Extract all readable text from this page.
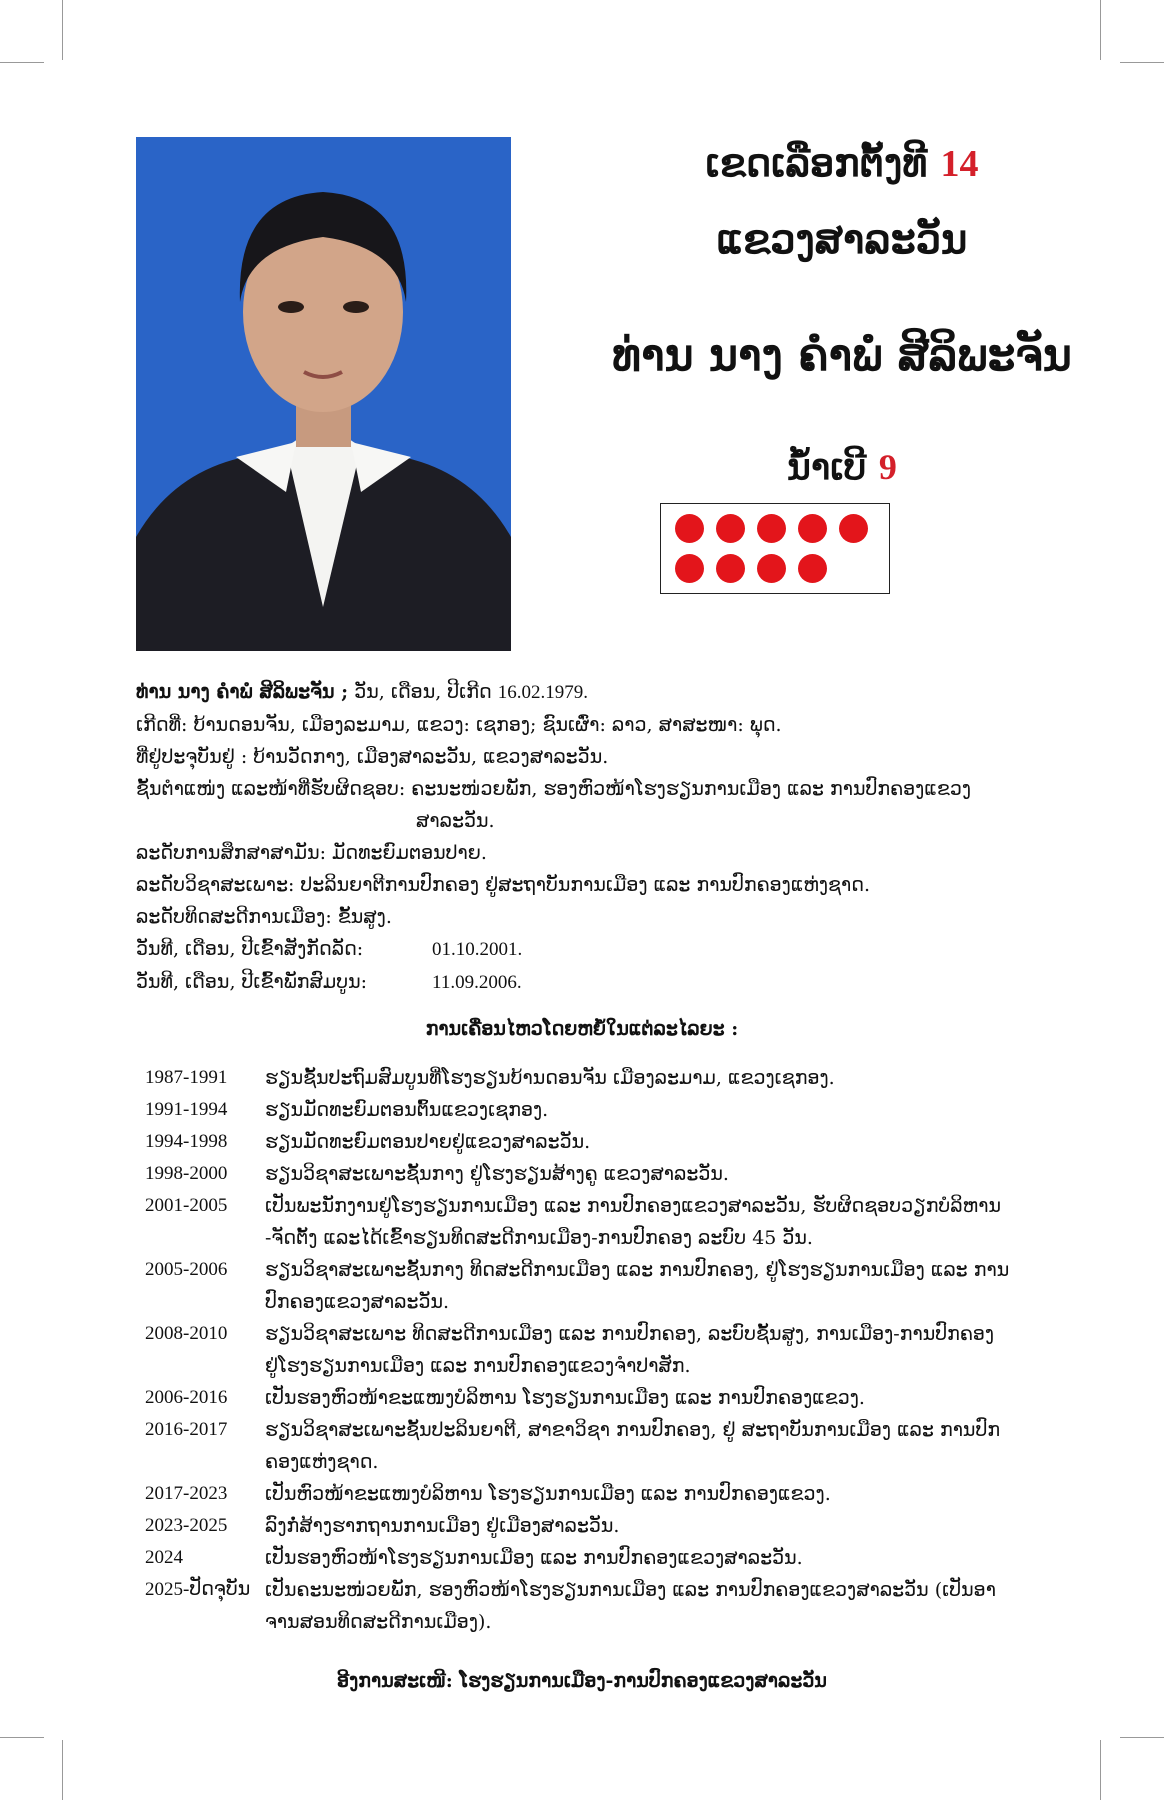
ເຂດເລືອກຕັ້ງທີ 14
ແຂວງສາລະວັນ
ທ່ານ ນາງ ຄຳພໍ ສີລິພະຈັນ
ນໍ້າເບີ 9
ທ່ານ ນາງ ຄຳພໍ ສີລິພະຈັນ ; ວັນ, ເດືອນ, ປີເກີດ 16.02.1979.
ເກີດທີ່: ບ້ານດອນຈັນ, ເມືອງລະມາມ, ແຂວງ: ເຊກອງ; ຊົນເຜົ່າ: ລາວ, ສາສະໜາ: ພຸດ.
ທີ່ຢູ່ປະຈຸບັນຢູ່ : ບ້ານວັດກາງ, ເມືອງສາລະວັນ, ແຂວງສາລະວັນ.
ຊັ້ນຕໍາແໜ່ງ ແລະໜ້າທີ່ຮັບຜິດຊອບ: ຄະນະໜ່ວຍພັກ, ຮອງຫົວໜ້າໂຮງຮຽນການເມືອງ ແລະ ການປົກຄອງແຂວງ
ສາລະວັນ.
ລະດັບການສຶກສາສາມັນ: ມັດທະຍົມຕອນປາຍ.
ລະດັບວິຊາສະເພາະ: ປະລິນຍາຕີການປົກຄອງ ຢູ່ສະຖາບັນການເມືອງ ແລະ ການປົກຄອງແຫ່ງຊາດ.
ລະດັບທິດສະດີການເມືອງ: ຂັ້ນສູງ.
ວັນທີ, ເດືອນ, ປີເຂົ້າສັງກັດລັດ:	01.10.2001.
ວັນທີ, ເດືອນ, ປີເຂົ້າພັກສົມບູນ:	11.09.2006.
ການເຄື່ອນໄຫວໂດຍຫຍໍ້ໃນແຕ່ລະໄລຍະ :
1987-1991	ຮຽນຊັ້ນປະຖົມສົມບູນທີ່ໂຮງຮຽນບ້ານດອນຈັນ ເມືອງລະມາມ, ແຂວງເຊກອງ.
1991-1994	ຮຽນມັດທະຍົມຕອນຕົ້ນແຂວງເຊກອງ.
1994-1998	ຮຽນມັດທະຍົມຕອນປາຍຢູ່ແຂວງສາລະວັນ.
1998-2000	ຮຽນວິຊາສະເພາະຊັ້ນກາງ ຢູ່ໂຮງຮຽນສ້າງຄູ ແຂວງສາລະວັນ.
2001-2005	ເປັນພະນັກງານຢູ່ໂຮງຮຽນການເມືອງ ແລະ ການປົກຄອງແຂວງສາລະວັນ, ຮັບຜິດຊອບວຽກບໍລິຫານ
-ຈັດຕັ້ງ ແລະໄດ້ເຂົ້າຮຽນທິດສະດີການເມືອງ-ການປົກຄອງ ລະບົບ 45 ວັນ.
2005-2006	ຮຽນວິຊາສະເພາະຊັ້ນກາງ ທິດສະດີການເມືອງ ແລະ ການປົກຄອງ, ຢູ່ໂຮງຮຽນການເມືອງ ແລະ ການ
ປົກຄອງແຂວງສາລະວັນ.
2008-2010	ຮຽນວິຊາສະເພາະ ທິດສະດີການເມືອງ ແລະ ການປົກຄອງ, ລະບົບຊັ້ນສູງ, ການເມືອງ-ການປົກຄອງ
ຢູ່ໂຮງຮຽນການເມືອງ ແລະ ການປົກຄອງແຂວງຈຳປາສັກ.
2006-2016	ເປັນຮອງຫົວໜ້າຂະແໜງບໍລິຫານ ໂຮງຮຽນການເມືອງ ແລະ ການປົກຄອງແຂວງ.
2016-2017	ຮຽນວິຊາສະເພາະຊັ້ນປະລິນຍາຕີ, ສາຂາວິຊາ ການປົກຄອງ, ຢູ່ ສະຖາບັນການເມືອງ ແລະ ການປົກ
ຄອງແຫ່ງຊາດ.
2017-2023	ເປັນຫົວໜ້າຂະແໜງບໍລິຫານ ໂຮງຮຽນການເມືອງ ແລະ ການປົກຄອງແຂວງ.
2023-2025	ລົງກໍ່ສ້າງຮາກຖານການເມືອງ ຢູ່ເມືອງສາລະວັນ.
2024	ເປັນຮອງຫົວໜ້າໂຮງຮຽນການເມືອງ ແລະ ການປົກຄອງແຂວງສາລະວັນ.
2025-ປັດຈຸບັນ ເປັນຄະນະໜ່ວຍພັກ, ຮອງຫົວໜ້າໂຮງຮຽນການເມືອງ ແລະ ການປົກຄອງແຂວງສາລະວັນ (ເປັນອາ
ຈານສອນທິດສະດີການເມືອງ).
ອີງການສະເໜີ: ໂຮງຮຽນການເມືອງ-ການປົກຄອງແຂວງສາລະວັນ
